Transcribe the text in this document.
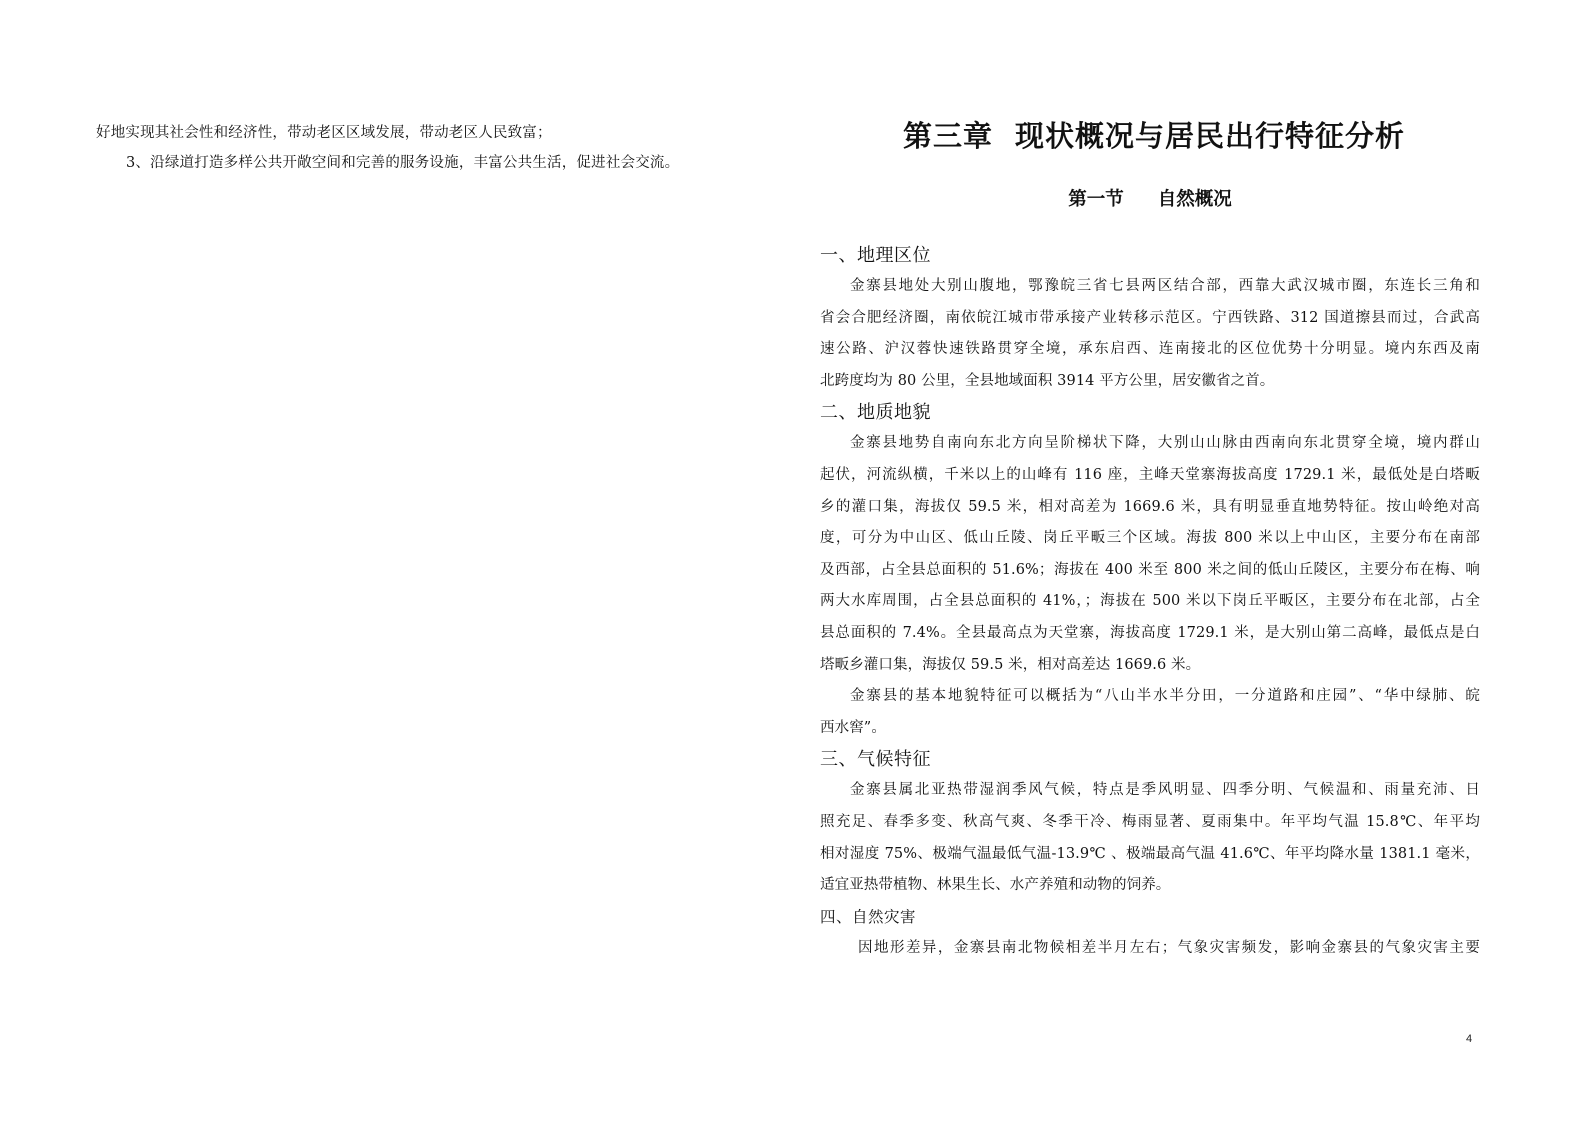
好地实现其社会性和经济性，带动老区区域发展，带动老区人民致富；

3、沿绿道打造多样公共开敞空间和完善的服务设施，丰富公共生活，促进社会交流。

第三章 现状概况与居民出行特征分析
第一节 自然概况
一、地理区位
金寨县地处大别山腹地，鄂豫皖三省七县两区结合部，西靠大武汉城市圈，东连长三角和
省会合肥经济圈，南依皖江城市带承接产业转移示范区。宁西铁路、312 国道擦县而过，合武高
速公路、沪汉蓉快速铁路贯穿全境，承东启西、连南接北的区位优势十分明显。境内东西及南
北跨度均为 80 公里，全县地域面积 3914 平方公里，居安徽省之首。
二、地质地貌
金寨县地势自南向东北方向呈阶梯状下降，大别山山脉由西南向东北贯穿全境，境内群山
起伏，河流纵横，千米以上的山峰有 116 座，主峰天堂寨海拔高度 1729.1 米，最低处是白塔畈
乡的灌口集，海拔仅 59.5 米，相对高差为 1669.6 米，具有明显垂直地势特征。按山岭绝对高
度，可分为中山区、低山丘陵、岗丘平畈三个区域。海拔 800 米以上中山区，主要分布在南部
及西部，占全县总面积的 51.6%；海拔在 400 米至 800 米之间的低山丘陵区，主要分布在梅、响
两大水库周围，占全县总面积的 41%，；海拔在 500 米以下岗丘平畈区，主要分布在北部，占全
县总面积的 7.4%。全县最高点为天堂寨，海拔高度 1729.1 米，是大别山第二高峰，最低点是白
塔畈乡灌口集，海拔仅 59.5 米，相对高差达 1669.6 米。
金寨县的基本地貌特征可以概括为“八山半水半分田，一分道路和庄园”、“华中绿肺、皖
西水窖”。
三、气候特征
金寨县属北亚热带湿润季风气候，特点是季风明显、四季分明、气候温和、雨量充沛、日
照充足、春季多变、秋高气爽、冬季干冷、梅雨显著、夏雨集中。年平均气温 15.8℃、年平均
相对湿度 75%、极端气温最低气温-13.9℃ 、极端最高气温 41.6℃、年平均降水量 1381.1 毫米，
适宜亚热带植物、林果生长、水产养殖和动物的饲养。
四、自然灾害
因地形差异，金寨县南北物候相差半月左右；气象灾害频发，影响金寨县的气象灾害主要
4
